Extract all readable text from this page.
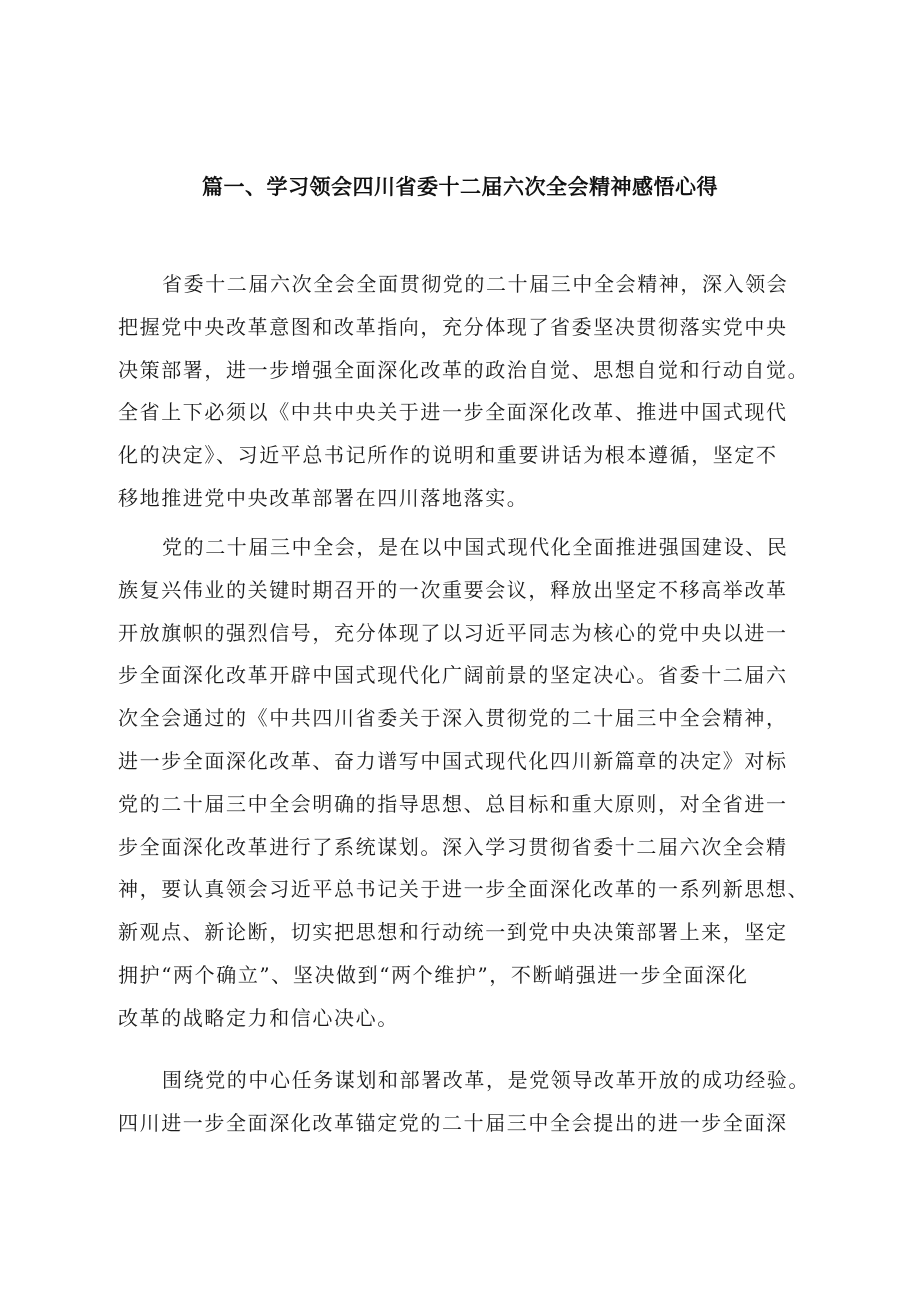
篇一、学习领会四川省委十二届六次全会精神感悟心得
省委十二届六次全会全面贯彻党的二十届三中全会精神，深入领会
把握党中央改革意图和改革指向，充分体现了省委坚决贯彻落实党中央
决策部署，进一步增强全面深化改革的政治自觉、思想自觉和行动自觉。
全省上下必须以《中共中央关于进一步全面深化改革、推进中国式现代
化的决定》、习近平总书记所作的说明和重要讲话为根本遵循，坚定不
移地推进党中央改革部署在四川落地落实。
党的二十届三中全会，是在以中国式现代化全面推进强国建设、民
族复兴伟业的关键时期召开的一次重要会议，释放出坚定不移高举改革
开放旗帜的强烈信号，充分体现了以习近平同志为核心的党中央以进一
步全面深化改革开辟中国式现代化广阔前景的坚定决心。省委十二届六
次全会通过的《中共四川省委关于深入贯彻党的二十届三中全会精神，
进一步全面深化改革、奋力谱写中国式现代化四川新篇章的决定》对标
党的二十届三中全会明确的指导思想、总目标和重大原则，对全省进一
步全面深化改革进行了系统谋划。深入学习贯彻省委十二届六次全会精
神，要认真领会习近平总书记关于进一步全面深化改革的一系列新思想、
新观点、新论断，切实把思想和行动统一到党中央决策部署上来，坚定
拥护“两个确立”、坚决做到“两个维护”，不断峭强进一步全面深化
改革的战略定力和信心决心。
围绕党的中心任务谋划和部署改革，是党领导改革开放的成功经验。
四川进一步全面深化改革锚定党的二十届三中全会提出的进一步全面深
